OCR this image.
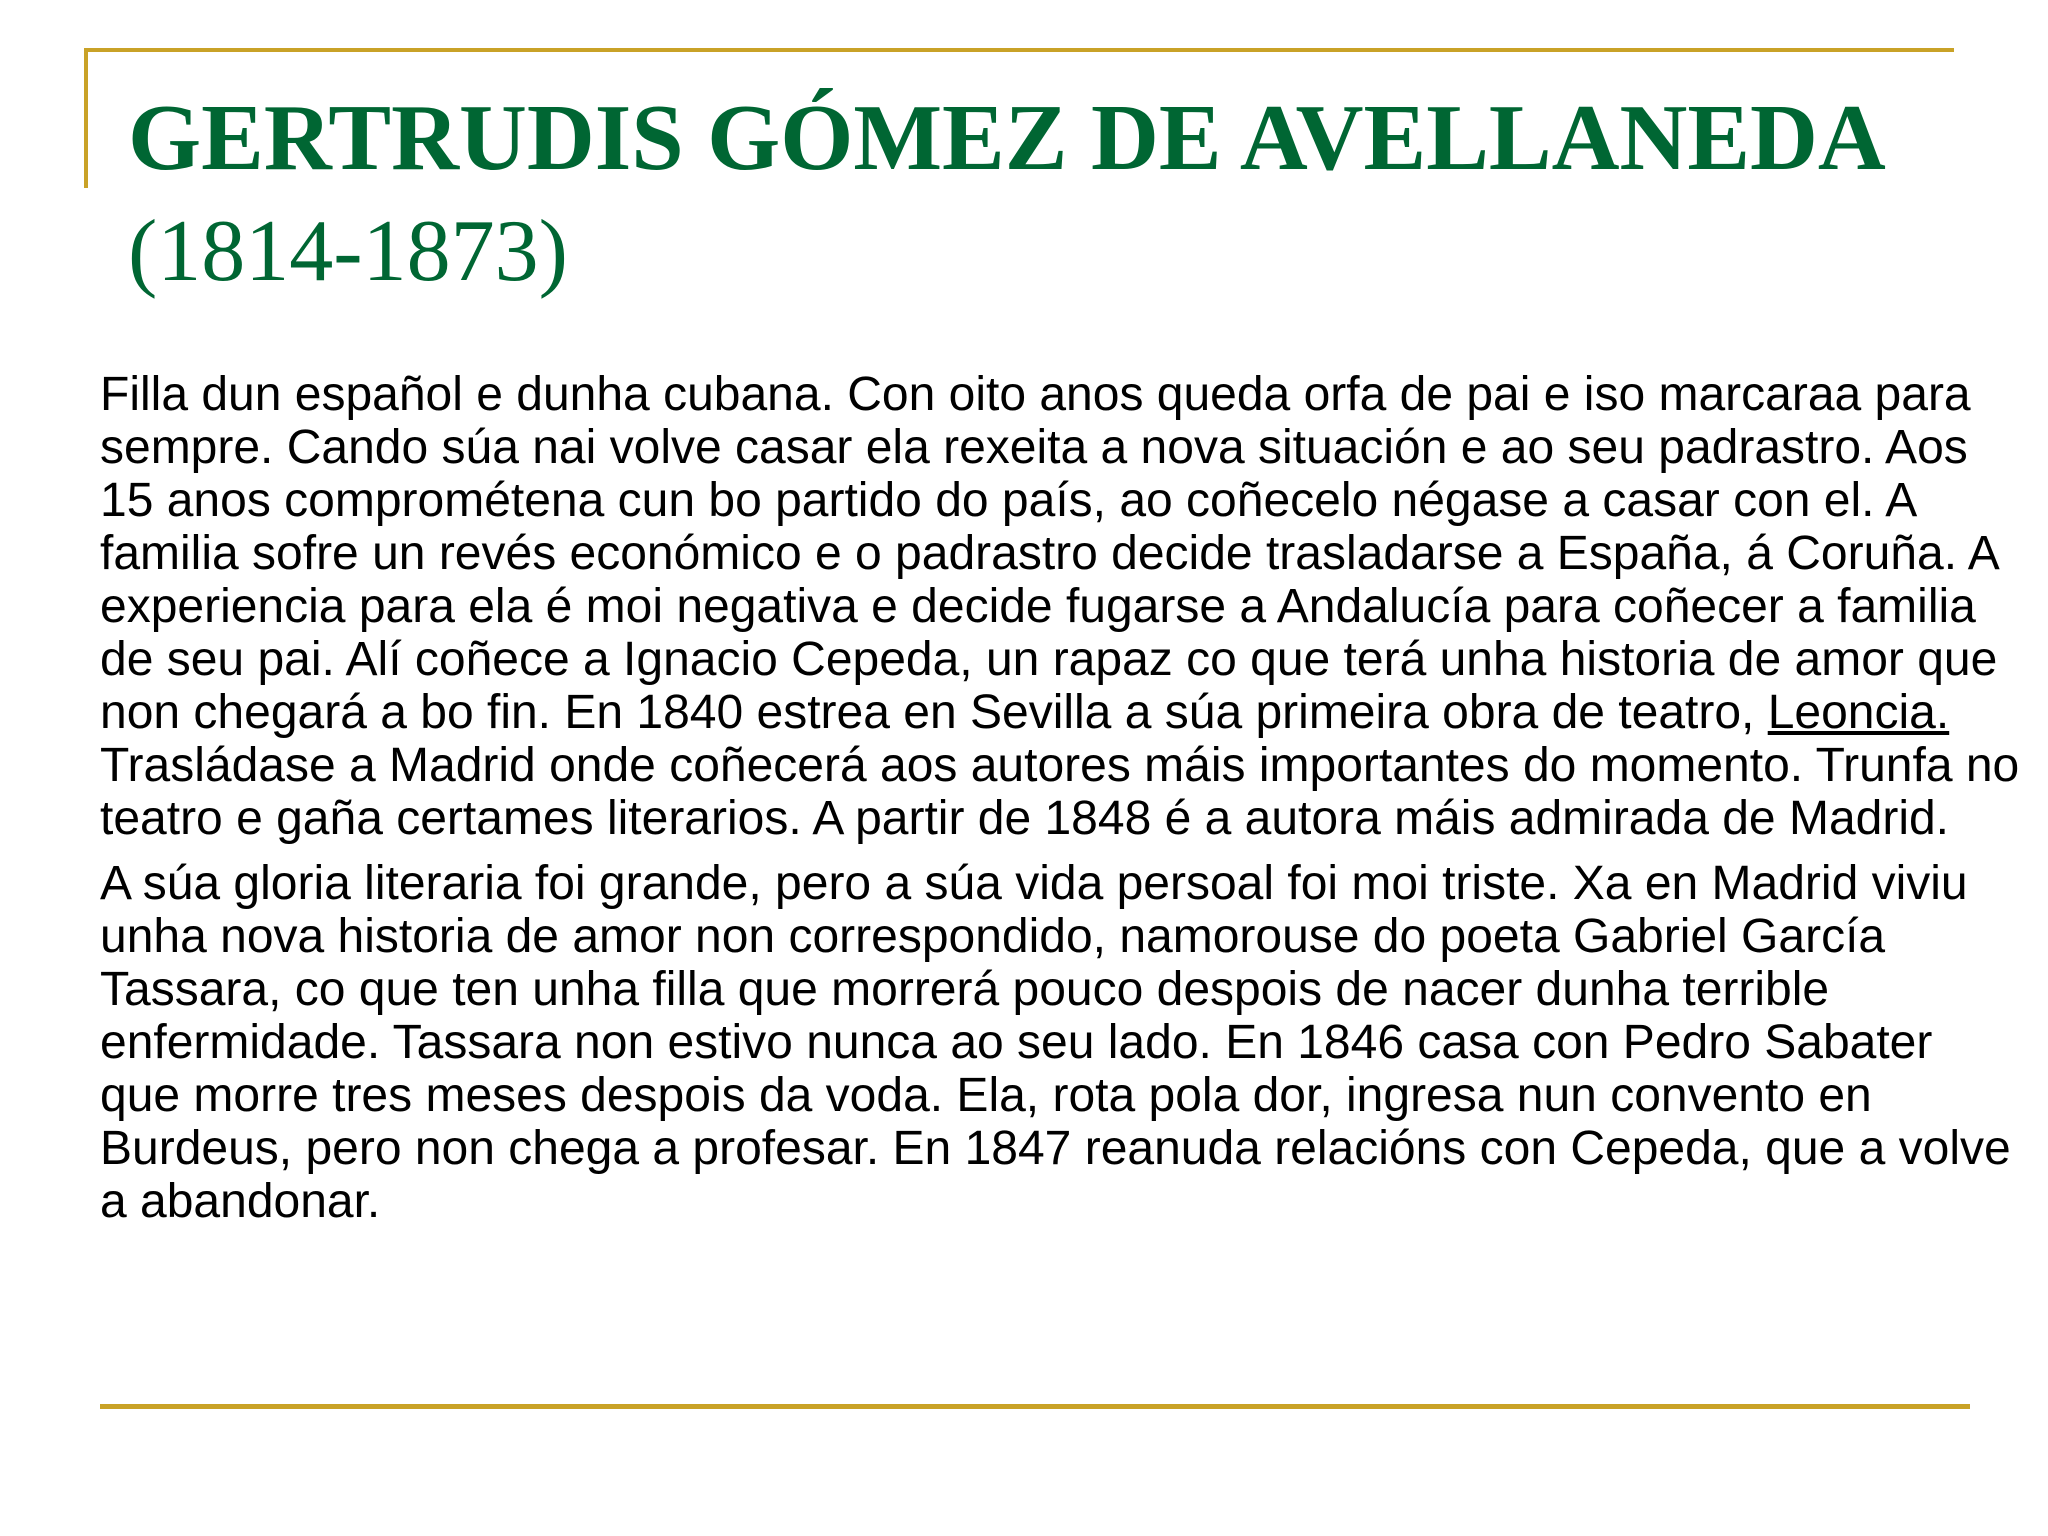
GERTRUDIS GÓMEZ DE AVELLANEDA
(1814-1873)

Filla dun español e dunha cubana. Con oito anos queda orfa de pai e iso marcaraa para sempre. Cando súa nai volve casar ela rexeita a nova situación e ao seu padrastro. Aos 15 anos comprométena cun bo partido do país, ao coñecelo négase a casar con el. A familia sofre un revés económico e o padrastro decide trasladarse a España, á Coruña. A experiencia para ela é moi negativa e decide fugarse a Andalucía para coñecer a familia de seu pai. Alí coñece a Ignacio Cepeda, un rapaz co que terá unha historia de amor que non chegará a bo fin. En 1840 estrea en Sevilla a súa primeira obra de teatro, Leoncia. Trasládase a Madrid onde coñecerá aos autores máis importantes do momento. Trunfa no teatro e gaña certames literarios. A partir de 1848 é a autora máis admirada de Madrid.

A súa gloria literaria foi grande, pero a súa vida persoal foi moi triste. Xa en Madrid viviu unha nova historia de amor non correspondido, namorouse do poeta Gabriel García Tassara, co que ten unha filla que morrerá pouco despois de nacer dunha terrible enfermidade. Tassara non estivo nunca ao seu lado. En 1846 casa con Pedro Sabater que morre tres meses despois da voda. Ela, rota pola dor, ingresa nun convento en Burdeus, pero non chega a profesar. En 1847 reanuda relacións con Cepeda, que a volve a abandonar.
